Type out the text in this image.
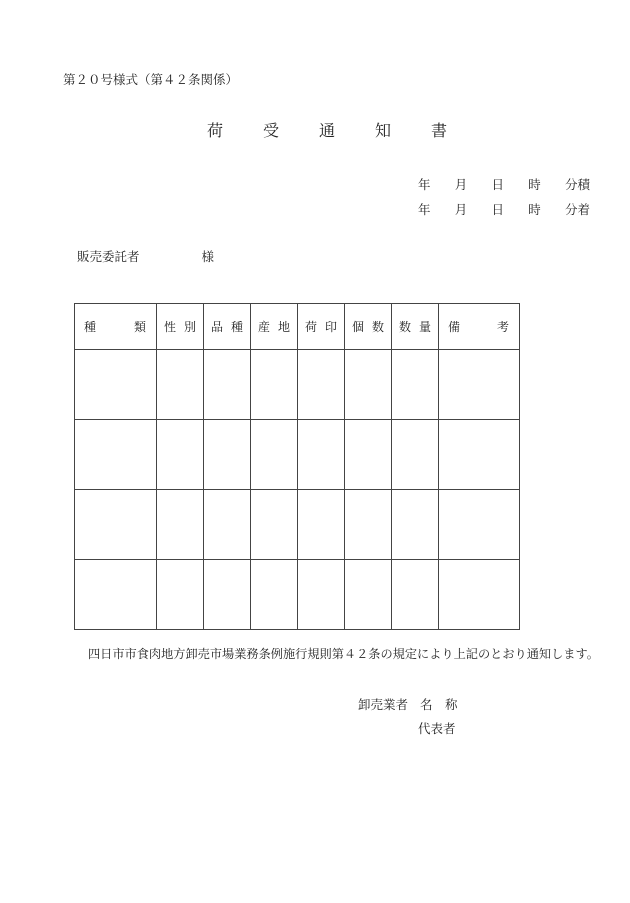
第２０号様式（第４２条関係）
荷 受 通 知 書
年 月 日 時 分積
年 月 日 時 分着
販売委託者	様
種 類	性 別	品 種	産 地	荷 印	個 数	数 量	備 考

四日市市食肉地方卸売市場業務条例施行規則第４２条の規定により上記のとおり通知します。
卸売業者 名　称
代表者
